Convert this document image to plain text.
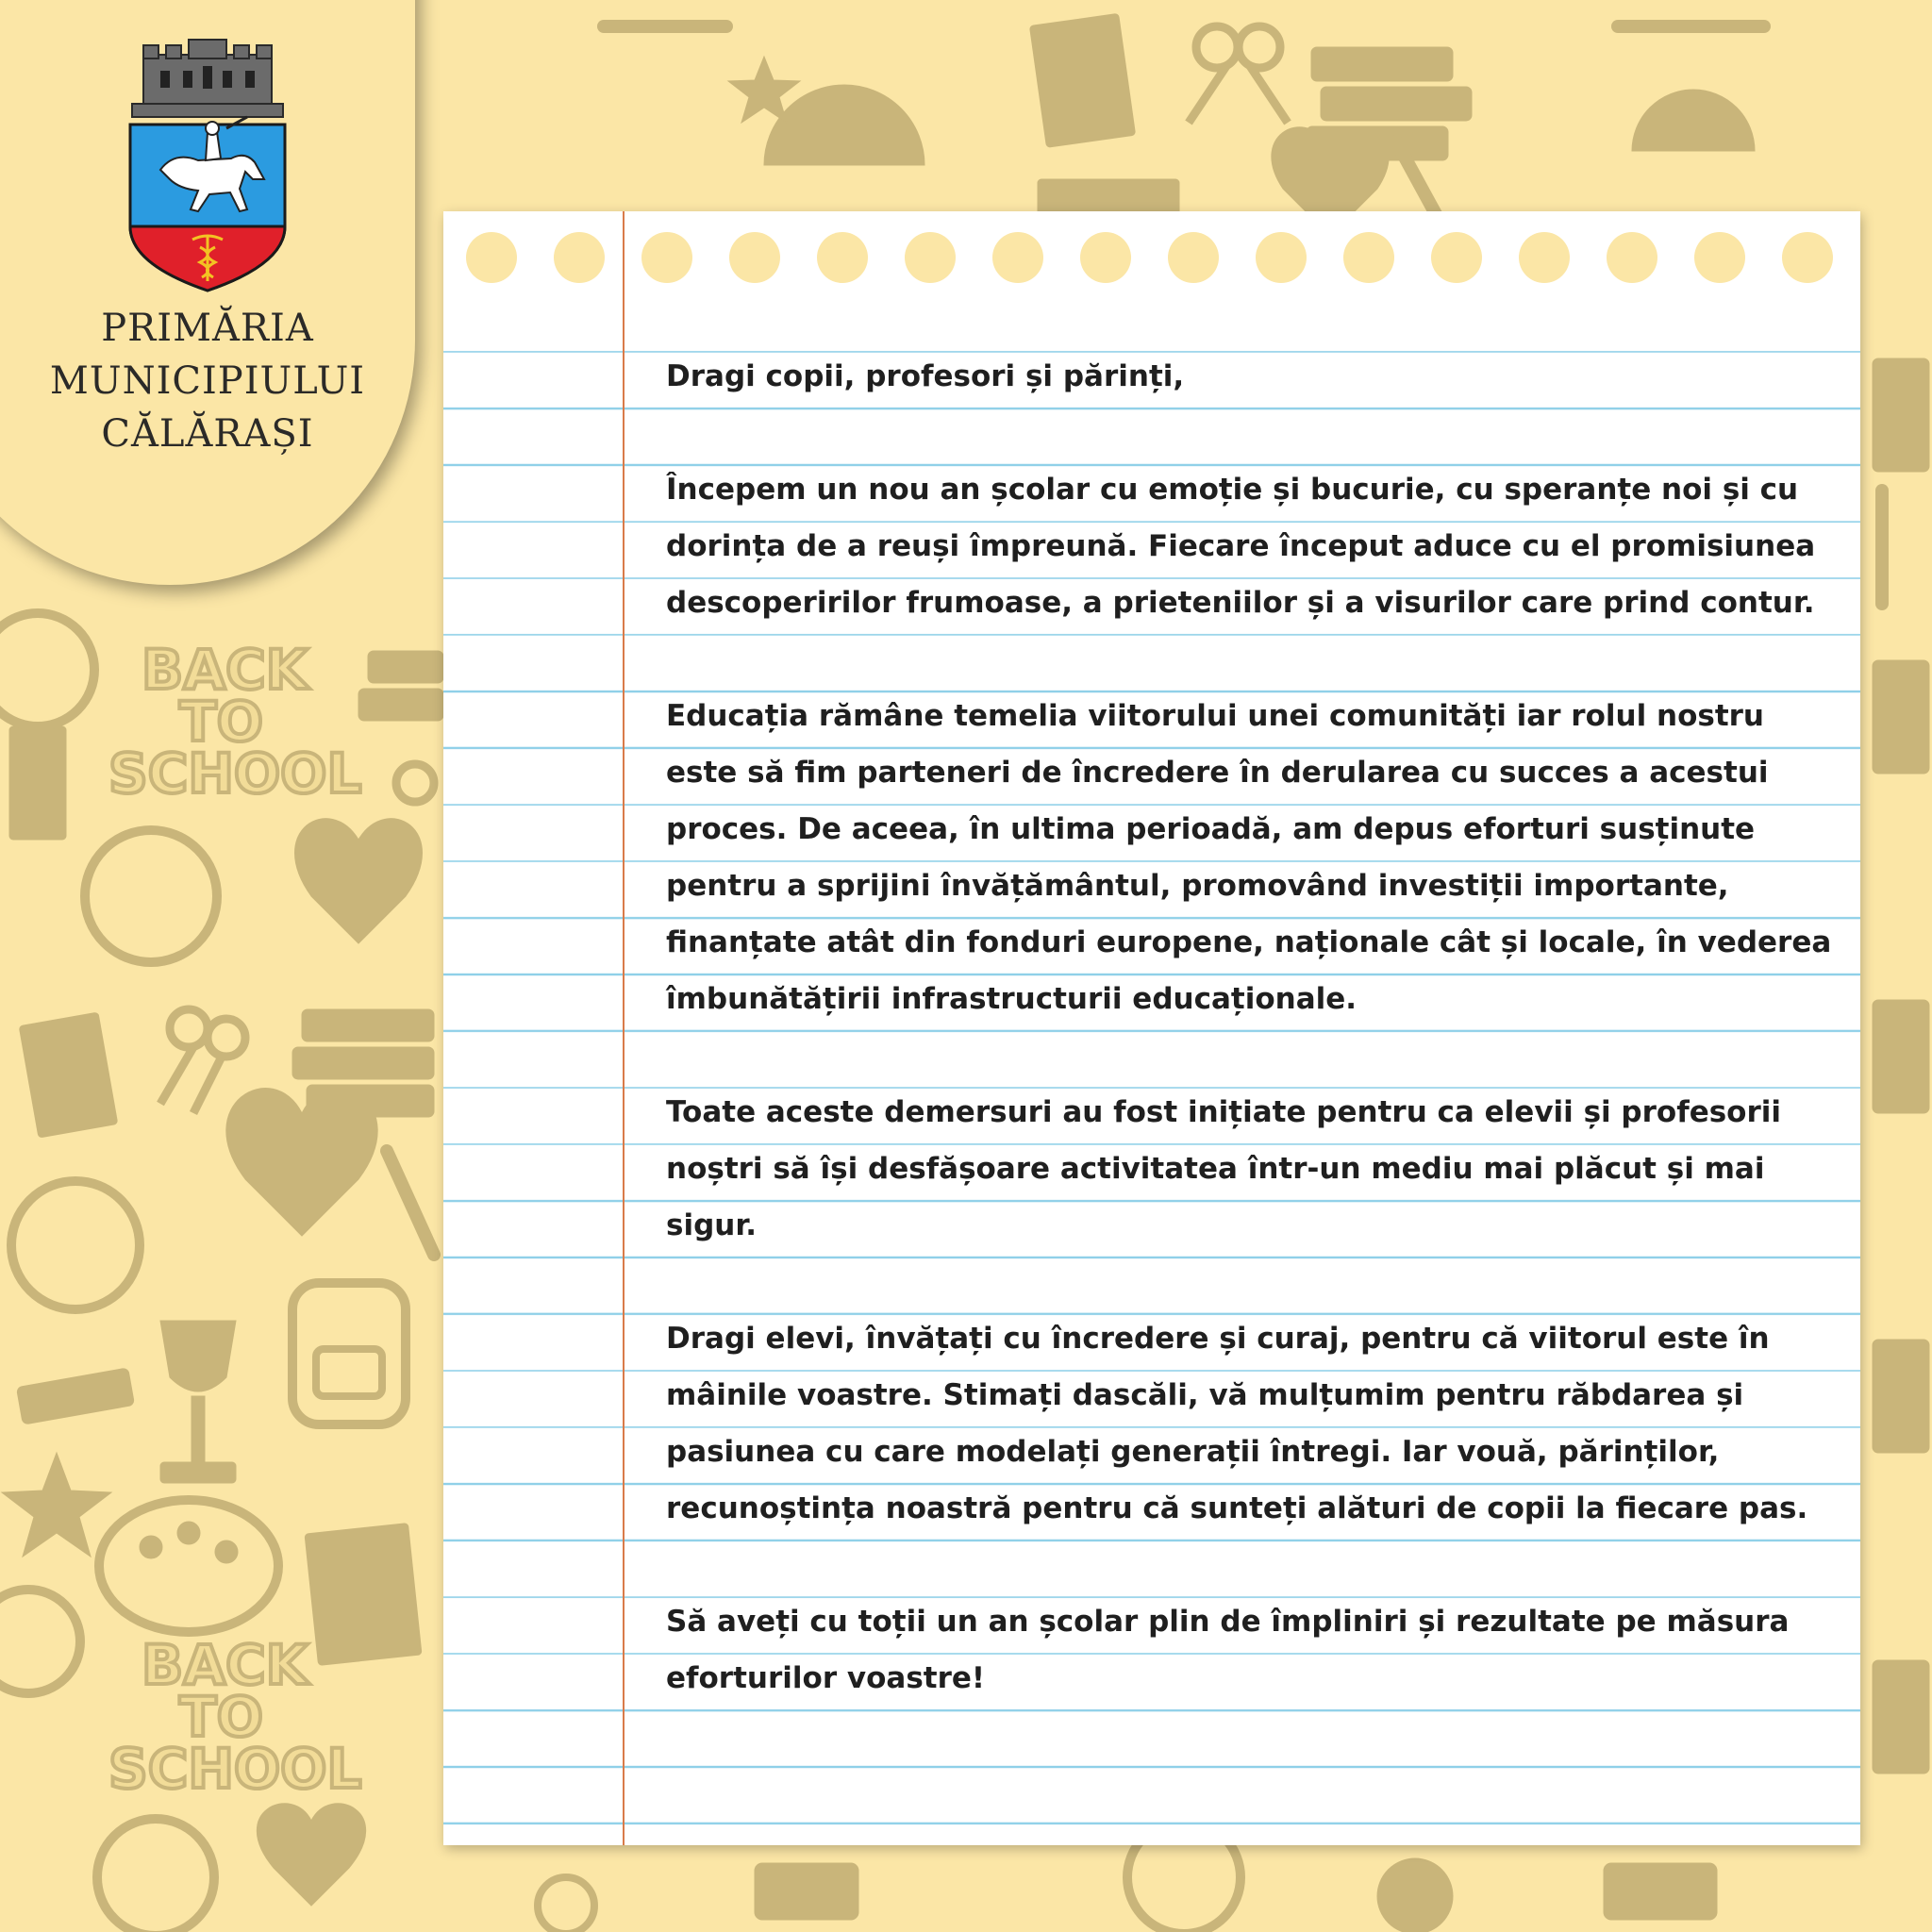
BACK
TO
SCHOOL
BACK
TO
SCHOOL
PRIMĂRIA
MUNICIPIULUI
CĂLĂRAȘI

Dragi copii, profesori și părinți,

Începem un nou an școlar cu emoție și bucurie, cu speranțe noi și cu dorința de a reuși împreună. Fiecare început aduce cu el promisiunea descoperirilor frumoase, a prieteniilor și a visurilor care prind contur.

Educația rămâne temelia viitorului unei comunități iar rolul nostru este să fim parteneri de încredere în derularea cu succes a acestui proces. De aceea, în ultima perioadă, am depus eforturi susținute pentru a sprijini învățământul, promovând investiții importante, finanțate atât din fonduri europene, naționale cât și locale, în vederea îmbunătățirii infrastructurii educaționale.

Toate aceste demersuri au fost inițiate pentru ca elevii și profesorii noștri să își desfășoare activitatea într-un mediu mai plăcut și mai sigur.

Dragi elevi, învățați cu încredere și curaj, pentru că viitorul este în mâinile voastre. Stimați dascăli, vă mulțumim pentru răbdarea și pasiunea cu care modelați generații întregi. Iar vouă, părinților, recunoștința noastră pentru că sunteți alături de copii la fiecare pas.

Să aveți cu toții un an școlar plin de împliniri și rezultate pe măsura eforturilor voastre!
